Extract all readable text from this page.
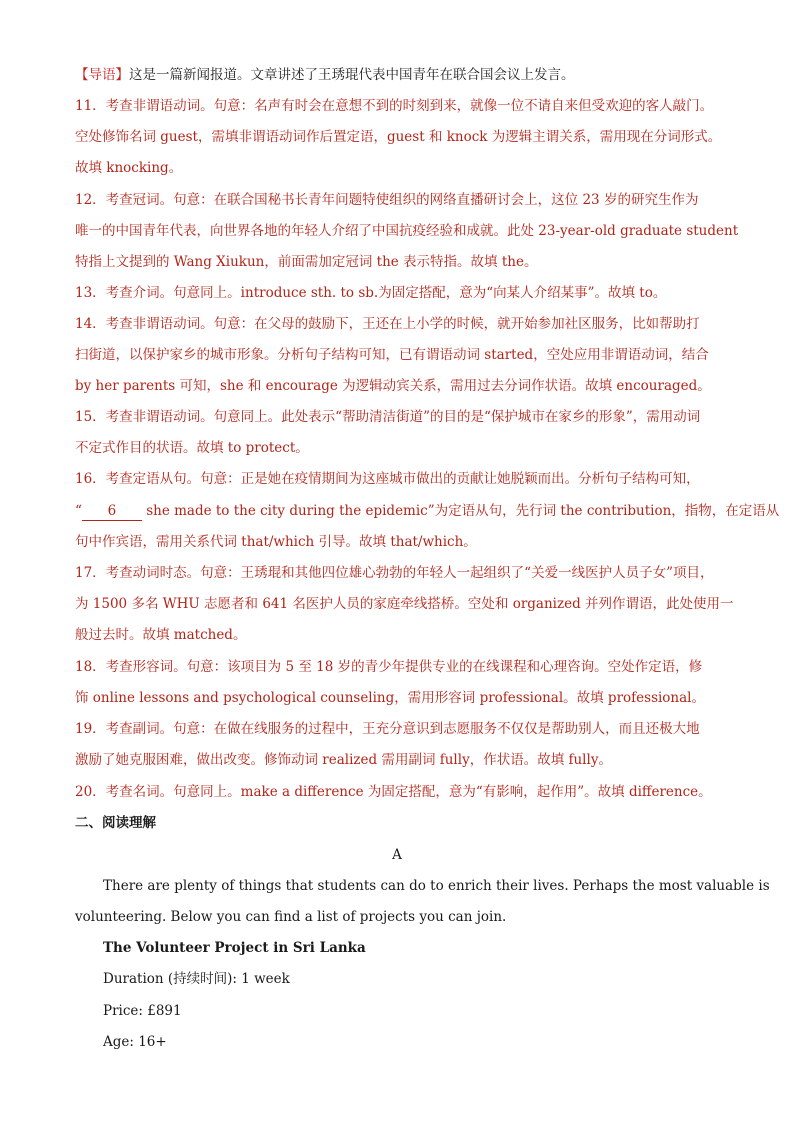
【导语】这是一篇新闻报道。文章讲述了王琇琨代表中国青年在联合国会议上发言。
11．考查非谓语动词。句意：名声有时会在意想不到的时刻到来，就像一位不请自来但受欢迎的客人敲门。
空处修饰名词 guest，需填非谓语动词作后置定语，guest 和 knock 为逻辑主谓关系，需用现在分词形式。
故填 knocking。
12．考查冠词。句意：在联合国秘书长青年问题特使组织的网络直播研讨会上，这位 23 岁的研究生作为
唯一的中国青年代表，向世界各地的年轻人介绍了中国抗疫经验和成就。此处 23-year-old graduate student
特指上文提到的 Wang Xiukun，前面需加定冠词 the 表示特指。故填 the。
13．考查介词。句意同上。introduce sth. to sb.为固定搭配，意为“向某人介绍某事”。故填 to。
14．考查非谓语动词。句意：在父母的鼓励下，王还在上小学的时候，就开始参加社区服务，比如帮助打
扫街道，以保护家乡的城市形象。分析句子结构可知，已有谓语动词 started，空处应用非谓语动词，结合
by her parents 可知，she 和 encourage 为逻辑动宾关系，需用过去分词作状语。故填 encouraged。
15．考查非谓语动词。句意同上。此处表示“帮助清洁街道”的目的是“保护城市在家乡的形象”，需用动词
不定式作目的状语。故填 to protect。
16．考查定语从句。句意：正是她在疫情期间为这座城市做出的贡献让她脱颖而出。分析句子结构可知，
“ 6 she made to the city during the epidemic”为定语从句，先行词 the contribution，指物，在定语从
句中作宾语，需用关系代词 that/which 引导。故填 that/which。
17．考查动词时态。句意：王琇琨和其他四位雄心勃勃的年轻人一起组织了“关爱一线医护人员子女”项目，
为 1500 多名 WHU 志愿者和 641 名医护人员的家庭牵线搭桥。空处和 organized 并列作谓语，此处使用一
般过去时。故填 matched。
18．考查形容词。句意：该项目为 5 至 18 岁的青少年提供专业的在线课程和心理咨询。空处作定语，修
饰 online lessons and psychological counseling，需用形容词 professional。故填 professional。
19．考查副词。句意：在做在线服务的过程中，王充分意识到志愿服务不仅仅是帮助别人，而且还极大地
激励了她克服困难，做出改变。修饰动词 realized 需用副词 fully，作状语。故填 fully。
20．考查名词。句意同上。make a difference 为固定搭配，意为“有影响，起作用”。故填 difference。
二、阅读理解
A
There are plenty of things that students can do to enrich their lives. Perhaps the most valuable is
volunteering. Below you can find a list of projects you can join.
The Volunteer Project in Sri Lanka
Duration (持续时间): 1 week
Price: £891
Age: 16+
